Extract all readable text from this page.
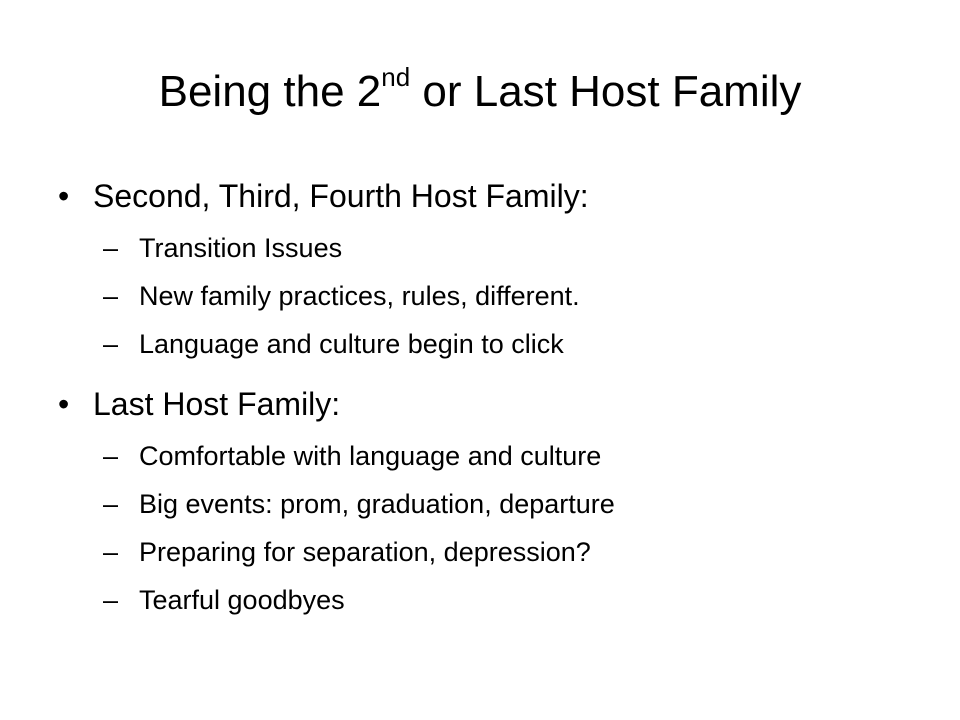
Being the 2nd or Last Host Family
• Second, Third, Fourth Host Family:
– Transition Issues
– New family practices, rules, different.
– Language and culture begin to click
• Last Host Family:
– Comfortable with language and culture
– Big events: prom, graduation, departure
– Preparing for separation, depression?
– Tearful goodbyes
